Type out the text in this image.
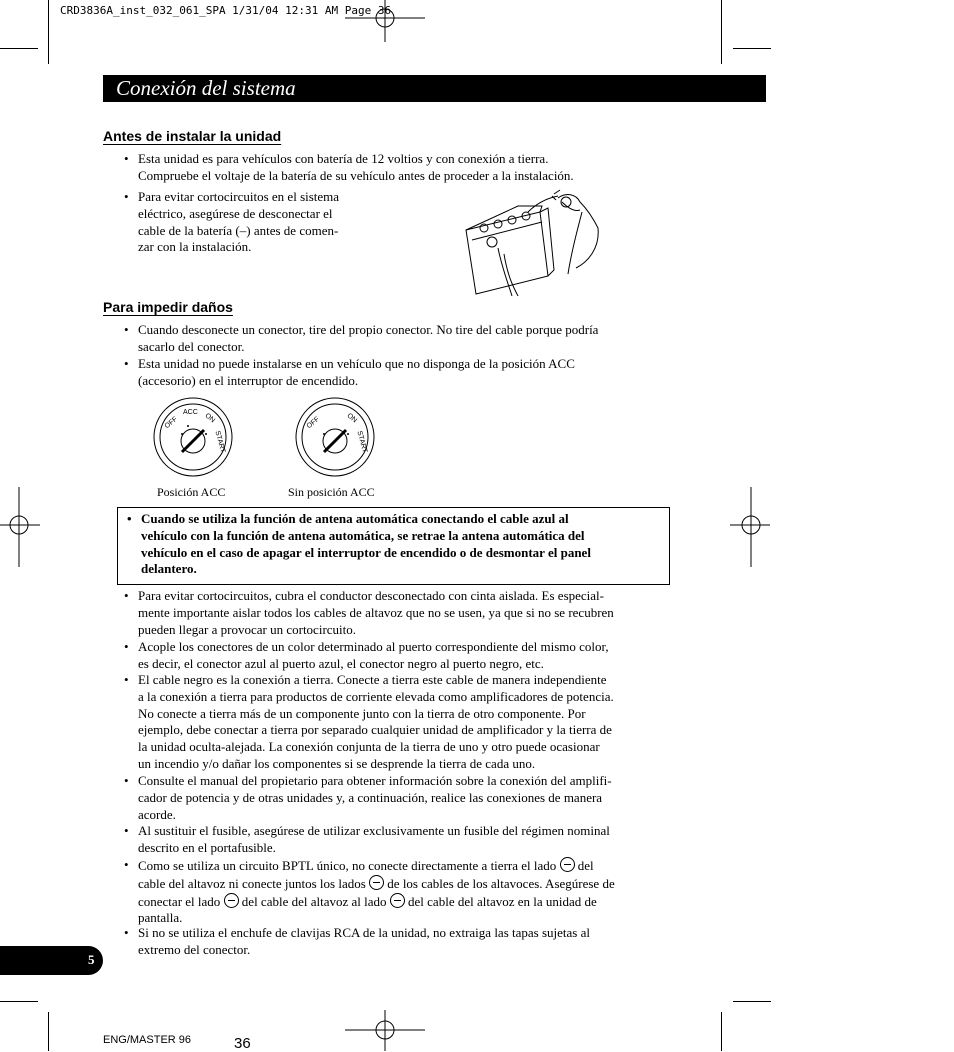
CRD3836A_inst_032_061_SPA 1/31/04 12:31 AM Page 36
Conexión del sistema
Antes de instalar la unidad
• Esta unidad es para vehículos con batería de 12 voltios y con conexión a tierra.
Compruebe el voltaje de la batería de su vehículo antes de proceder a la instalación.
• Para evitar cortocircuitos en el sistema
eléctrico, asegúrese de desconectar el
cable de la batería (–) antes de comen-
zar con la instalación.
Para impedir daños
• Cuando desconecte un conector, tire del propio conector. No tire del cable porque podría
sacarlo del conector.
• Esta unidad no puede instalarse en un vehículo que no disponga de la posición ACC
(accesorio) en el interruptor de encendido.
OFF
ACC ON
START
Posición ACC
OFF	ON
START
Sin posición ACC
• Cuando se utiliza la función de antena automática conectando el cable azul al
vehículo con la función de antena automática, se retrae la antena automática del
vehículo en el caso de apagar el interruptor de encendido o de desmontar el panel
delantero.
• Para evitar cortocircuitos, cubra el conductor desconectado con cinta aislada. Es especial-
mente importante aislar todos los cables de altavoz que no se usen, ya que si no se recubren
pueden llegar a provocar un cortocircuito.
• Acople los conectores de un color determinado al puerto correspondiente del mismo color,
es decir, el conector azul al puerto azul, el conector negro al puerto negro, etc.
• El cable negro es la conexión a tierra. Conecte a tierra este cable de manera independiente
a la conexión a tierra para productos de corriente elevada como amplificadores de potencia.
No conecte a tierra más de un componente junto con la tierra de otro componente. Por
ejemplo, debe conectar a tierra por separado cualquier unidad de amplificador y la tierra de
la unidad oculta-alejada. La conexión conjunta de la tierra de uno y otro puede ocasionar
un incendio y/o dañar los componentes si se desprende la tierra de cada uno.
• Consulte el manual del propietario para obtener información sobre la conexión del amplifi-
cador de potencia y de otras unidades y, a continuación, realice las conexiones de manera
acorde.
• Al sustituir el fusible, asegúrese de utilizar exclusivamente un fusible del régimen nominal
descrito en el portafusible.
• Como se utiliza un circuito BPTL único, no conecte directamente a tierra el lado del
cable del altavoz ni conecte juntos los lados de los cables de los altavoces. Asegúrese de
conectar el lado del cable del altavoz al lado del cable del altavoz en la unidad de
pantalla.
• Si no se utiliza el enchufe de clavijas RCA de la unidad, no extraiga las tapas sujetas al
extremo del conector.
5
ENG/MASTER 96	36
